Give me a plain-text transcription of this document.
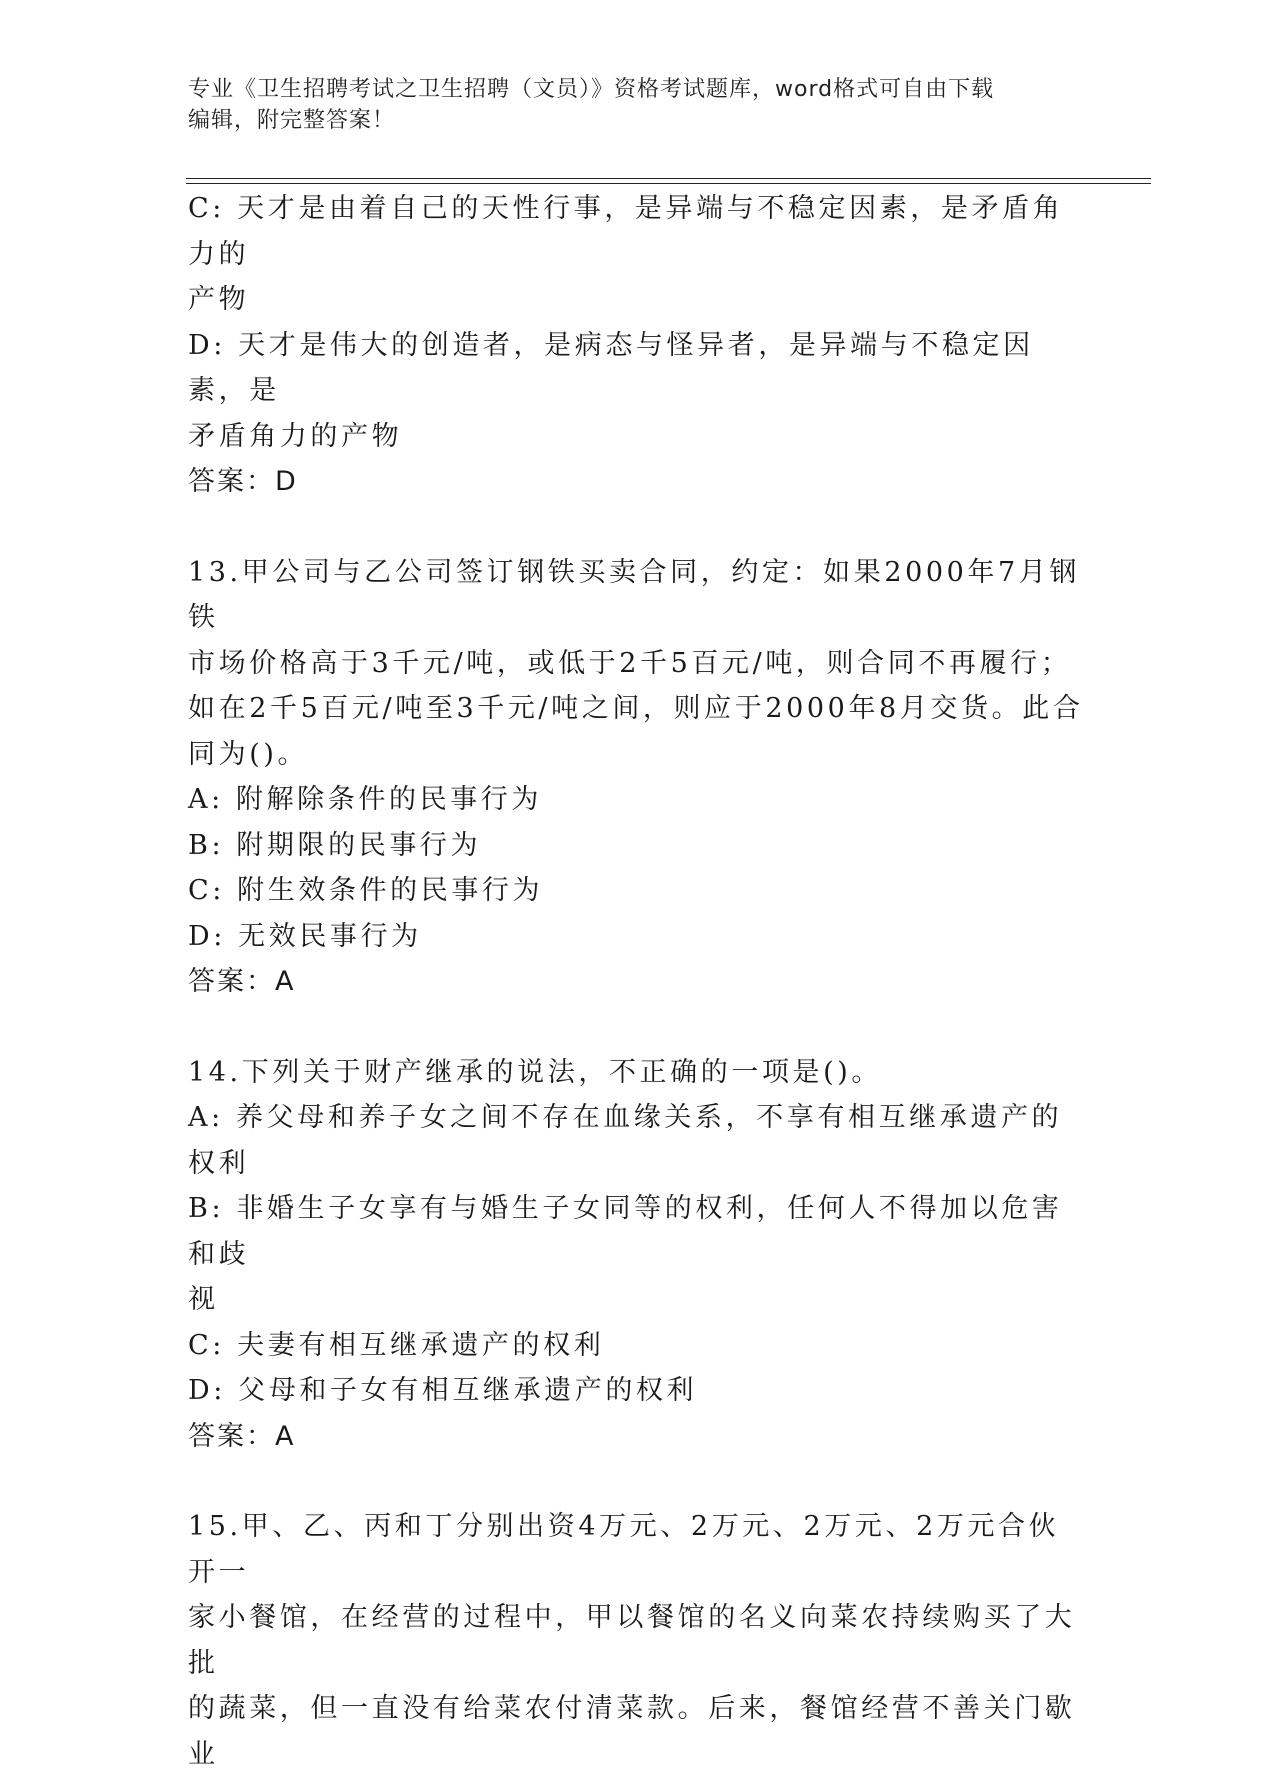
专业《卫生招聘考试之卫生招聘（文员）》资格考试题库，word格式可自由下载
编辑，附完整答案！

C: 天才是由着自己的天性行事，是异端与不稳定因素，是矛盾角力的

产物

D: 天才是伟大的创造者，是病态与怪异者，是异端与不稳定因素，是

矛盾角力的产物

答案：D

13.甲公司与乙公司签订钢铁买卖合同，约定：如果2000年7月钢铁

市场价格高于3千元/吨，或低于2千5百元/吨，则合同不再履行；

如在2千5百元/吨至3千元/吨之间，则应于2000年8月交货。此合

同为()。

A: 附解除条件的民事行为

B: 附期限的民事行为

C: 附生效条件的民事行为

D: 无效民事行为

答案：A

14.下列关于财产继承的说法，不正确的一项是()。

A: 养父母和养子女之间不存在血缘关系，不享有相互继承遗产的权利

B: 非婚生子女享有与婚生子女同等的权利，任何人不得加以危害和歧

视

C: 夫妻有相互继承遗产的权利

D: 父母和子女有相互继承遗产的权利

答案：A

15.甲、乙、丙和丁分别出资4万元、2万元、2万元、2万元合伙开一

家小餐馆，在经营的过程中，甲以餐馆的名义向菜农持续购买了大批

的蔬菜，但一直没有给菜农付清菜款。后来，餐馆经营不善关门歇业
